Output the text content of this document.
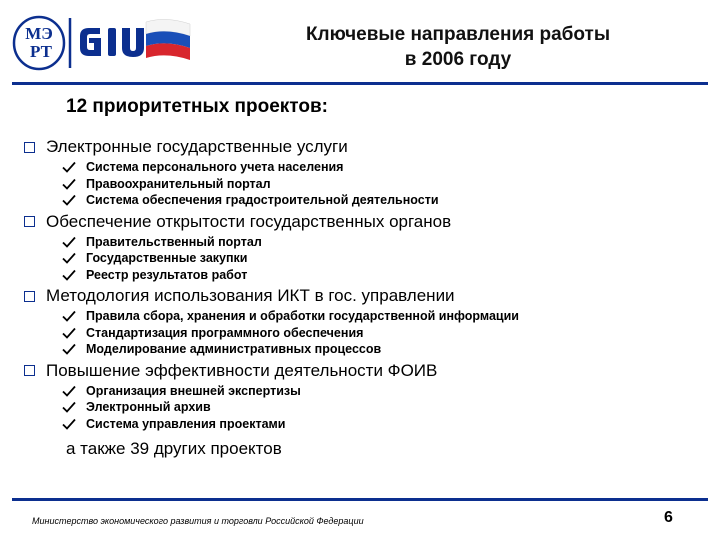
МЭ
РТ
Ключевые направления работы
в 2006 году
12 приоритетных проектов:
Электронные государственные услуги
Система персонального учета населения
Правоохранительный портал
Система обеспечения градостроительной деятельности
Обеспечение открытости государственных органов
Правительственный портал
Государственные закупки
Реестр результатов работ
Методология использования ИКТ в гос. управлении
Правила сбора, хранения и обработки государственной информации
Стандартизация программного обеспечения
Моделирование административных процессов
Повышение эффективности деятельности ФОИВ
Организация внешней экспертизы
Электронный архив
Система управления проектами
а также 39 других проектов
Министерство экономического развития и торговли Российской Федерации	6
